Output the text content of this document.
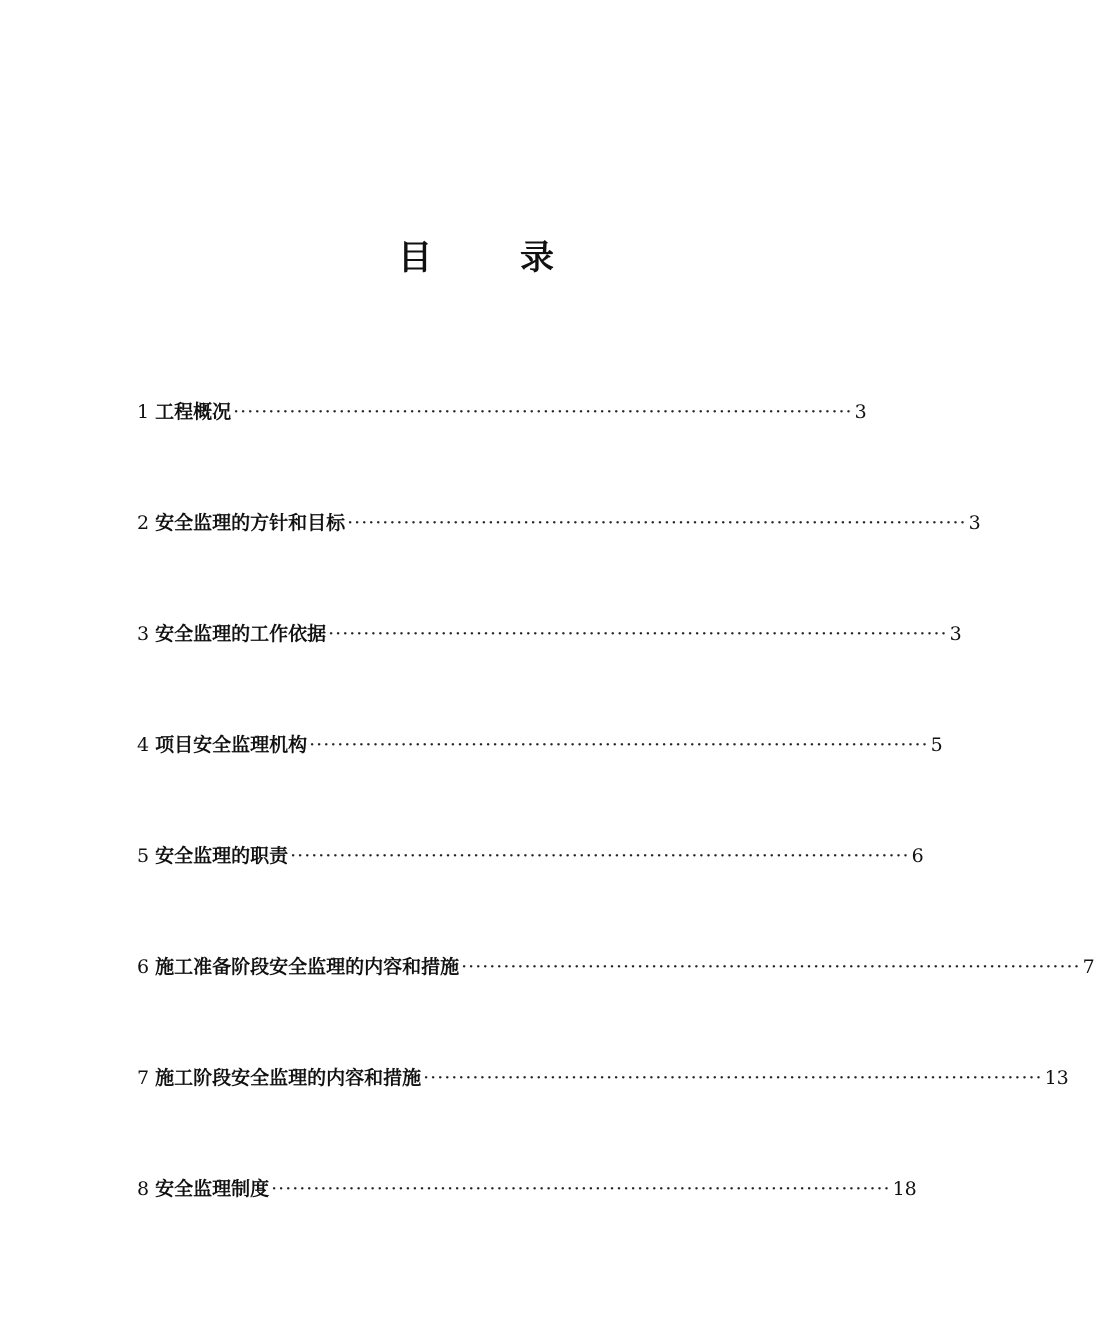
目	录
1 工程概况 ························································································ 3
2 安全监理的方针和目标 ························································································ 3
3 安全监理的工作依据 ························································································ 3
4 项目安全监理机构 ························································································ 5
5 安全监理的职责 ························································································ 6
6 施工准备阶段安全监理的内容和措施 ························································································ 7
7 施工阶段安全监理的内容和措施 ························································································ 13
8 安全监理制度 ························································································ 18
